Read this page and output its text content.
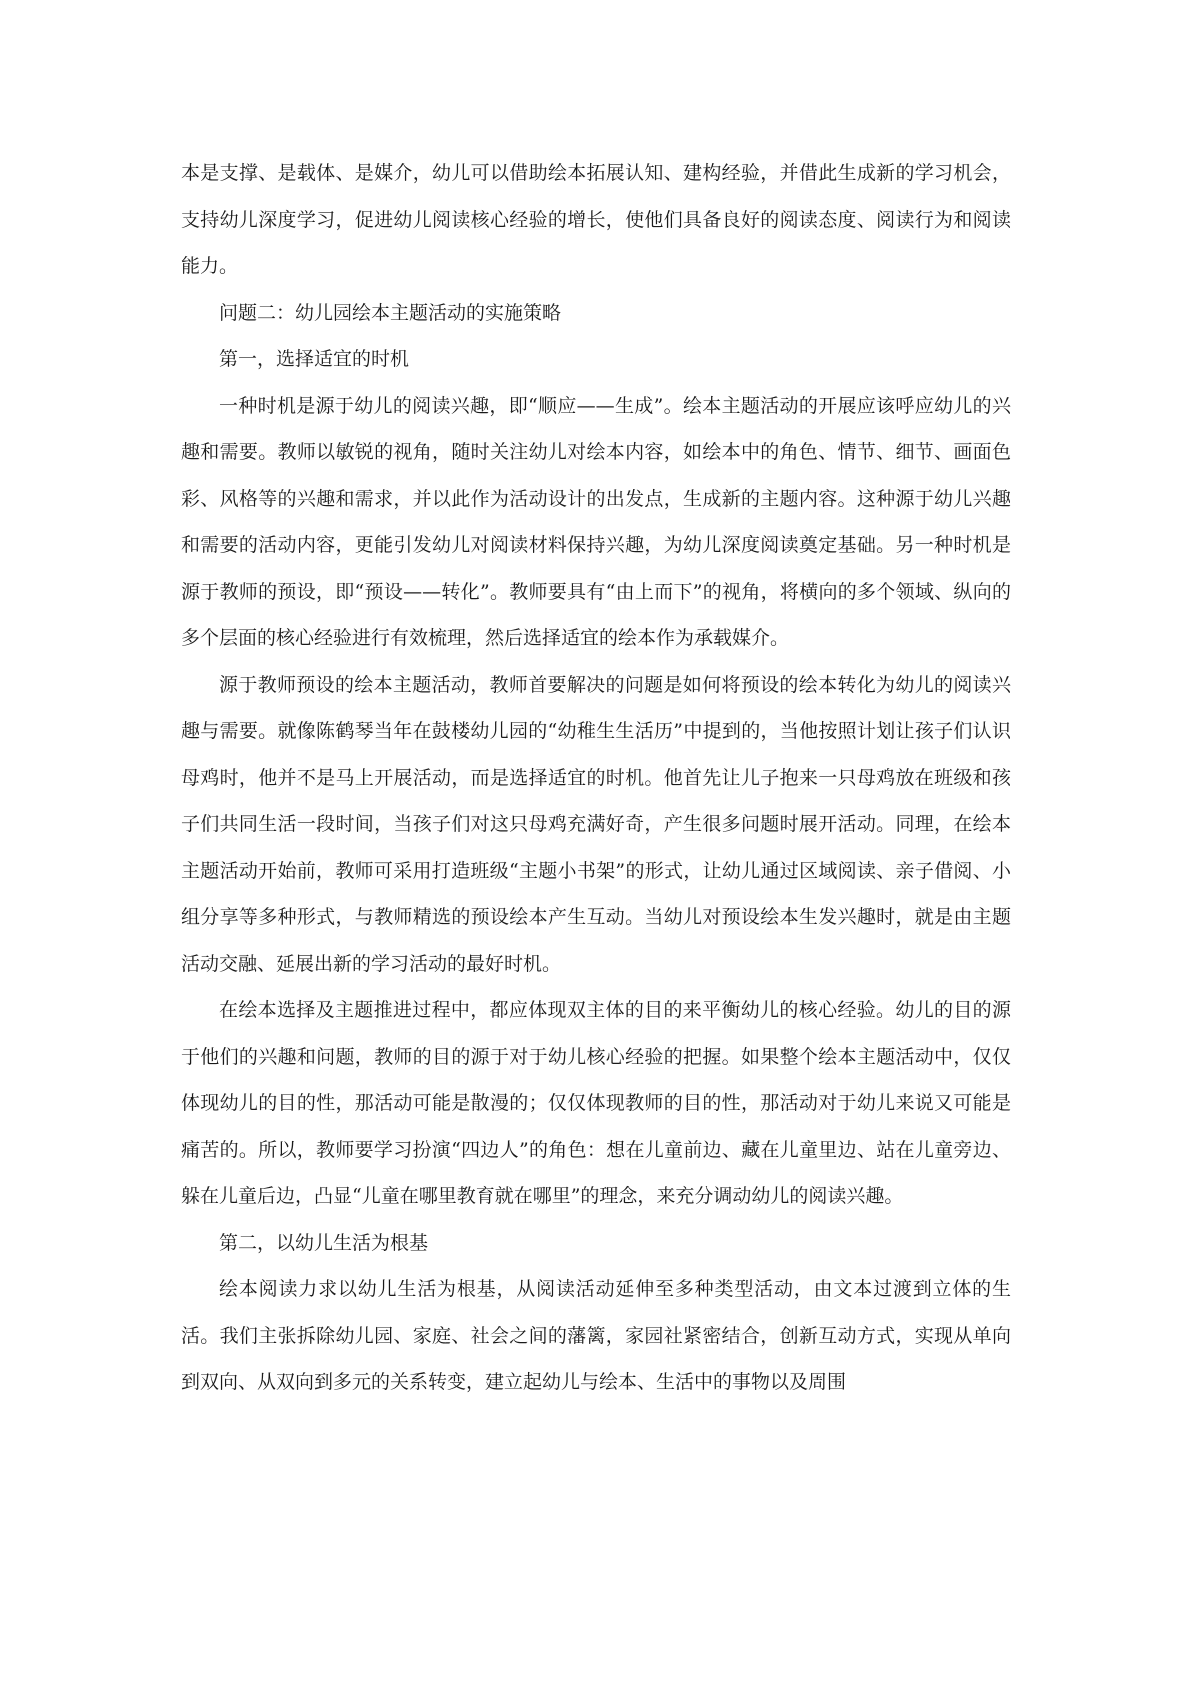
本是支撑、是载体、是媒介，幼儿可以借助绘本拓展认知、建构经验，并借此生成新的学习机会，支持幼儿深度学习，促进幼儿阅读核心经验的增长，使他们具备良好的阅读态度、阅读行为和阅读能力。

问题二：幼儿园绘本主题活动的实施策略

第一，选择适宜的时机

一种时机是源于幼儿的阅读兴趣，即“顺应——生成”。绘本主题活动的开展应该呼应幼儿的兴趣和需要。教师以敏锐的视角，随时关注幼儿对绘本内容，如绘本中的角色、情节、细节、画面色彩、风格等的兴趣和需求，并以此作为活动设计的出发点，生成新的主题内容。这种源于幼儿兴趣和需要的活动内容，更能引发幼儿对阅读材料保持兴趣，为幼儿深度阅读奠定基础。另一种时机是源于教师的预设，即“预设——转化”。教师要具有“由上而下”的视角，将横向的多个领域、纵向的多个层面的核心经验进行有效梳理，然后选择适宜的绘本作为承载媒介。

源于教师预设的绘本主题活动，教师首要解决的问题是如何将预设的绘本转化为幼儿的阅读兴趣与需要。就像陈鹤琴当年在鼓楼幼儿园的“幼稚生生活历”中提到的，当他按照计划让孩子们认识母鸡时，他并不是马上开展活动，而是选择适宜的时机。他首先让儿子抱来一只母鸡放在班级和孩子们共同生活一段时间，当孩子们对这只母鸡充满好奇，产生很多问题时展开活动。同理，在绘本主题活动开始前，教师可采用打造班级“主题小书架”的形式，让幼儿通过区域阅读、亲子借阅、小组分享等多种形式，与教师精选的预设绘本产生互动。当幼儿对预设绘本生发兴趣时，就是由主题活动交融、延展出新的学习活动的最好时机。

在绘本选择及主题推进过程中，都应体现双主体的目的来平衡幼儿的核心经验。幼儿的目的源于他们的兴趣和问题，教师的目的源于对于幼儿核心经验的把握。如果整个绘本主题活动中，仅仅体现幼儿的目的性，那活动可能是散漫的；仅仅体现教师的目的性，那活动对于幼儿来说又可能是痛苦的。所以，教师要学习扮演“四边人”的角色：想在儿童前边、藏在儿童里边、站在儿童旁边、躲在儿童后边，凸显“儿童在哪里教育就在哪里”的理念，来充分调动幼儿的阅读兴趣。

第二，以幼儿生活为根基

绘本阅读力求以幼儿生活为根基，从阅读活动延伸至多种类型活动，由文本过渡到立体的生活。我们主张拆除幼儿园、家庭、社会之间的藩篱，家园社紧密结合，创新互动方式，实现从单向到双向、从双向到多元的关系转变，建立起幼儿与绘本、生活中的事物以及周围
